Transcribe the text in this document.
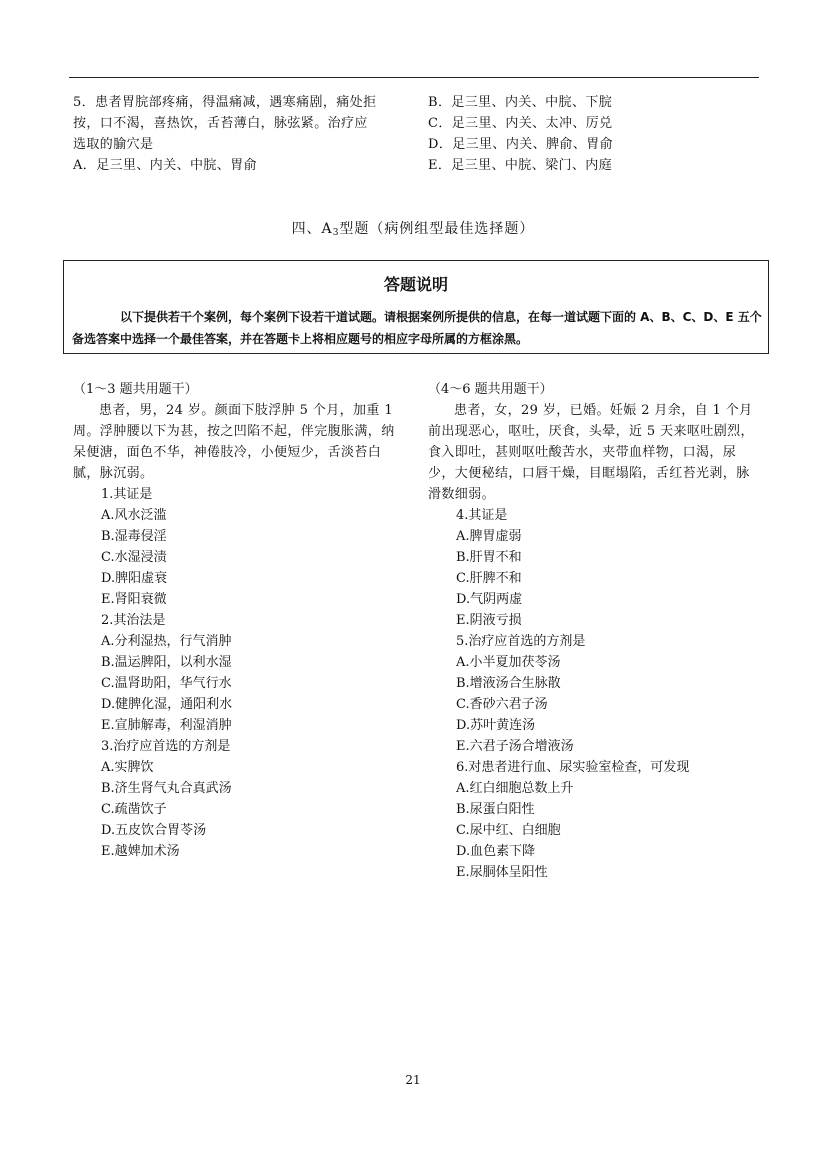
5．患者胃脘部疼痛，得温痛减，遇寒痛剧，痛处拒
按，口不渴，喜热饮，舌苔薄白，脉弦紧。治疗应
选取的腧穴是
A．足三里、内关、中脘、胃俞
B．足三里、内关、中脘、下脘
C．足三里、内关、太冲、厉兑
D．足三里、内关、脾俞、胃俞
E．足三里、中脘、梁门、内庭
四、$A_3$型题（病例组型最佳选择题）
答题说明
以下提供若干个案例，每个案例下设若干道试题。请根据案例所提供的信息，在每一道试题下面的 A、B、C、D、E 五个备选答案中选择一个最佳答案，并在答题卡上将相应题号的相应字母所属的方框涂黑。
（1～3 题共用题干）
患者，男，24 岁。颜面下肢浮肿 5 个月，加重 1 周。浮肿腰以下为甚，按之凹陷不起，伴完腹胀满，纳呆便溏，面色不华，神倦肢冷，小便短少，舌淡苔白腻，脉沉弱。
1.其证是
A.风水泛滥
B.湿毒侵淫
C.水湿浸渍
D.脾阳虚衰
E.肾阳衰微
2.其治法是
A.分利湿热，行气消肿
B.温运脾阳，以利水湿
C.温肾助阳，华气行水
D.健脾化湿，通阳利水
E.宣肺解毒，利湿消肿
3.治疗应首选的方剂是
A.实脾饮
B.济生肾气丸合真武汤
C.疏凿饮子
D.五皮饮合胃苓汤
E.越婢加术汤
（4～6 题共用题干）
患者，女，29 岁，已婚。妊娠 2 月余，自 1 个月前出现恶心，呕吐，厌食，头晕，近 5 天来呕吐剧烈，食入即吐，甚则呕吐酸苦水，夹带血样物，口渴，尿少，大便秘结，口唇干燥，目眶塌陷，舌红苔光剥，脉滑数细弱。
4.其证是
A.脾胃虚弱
B.肝胃不和
C.肝脾不和
D.气阴两虚
E.阴液亏损
5.治疗应首选的方剂是
A.小半夏加茯苓汤
B.增液汤合生脉散
C.香砂六君子汤
D.苏叶黄连汤
E.六君子汤合增液汤
6.对患者进行血、尿实验室检查，可发现
A.红白细胞总数上升
B.尿蛋白阳性
C.尿中红、白细胞
D.血色素下降
E.尿胴体呈阳性
21
